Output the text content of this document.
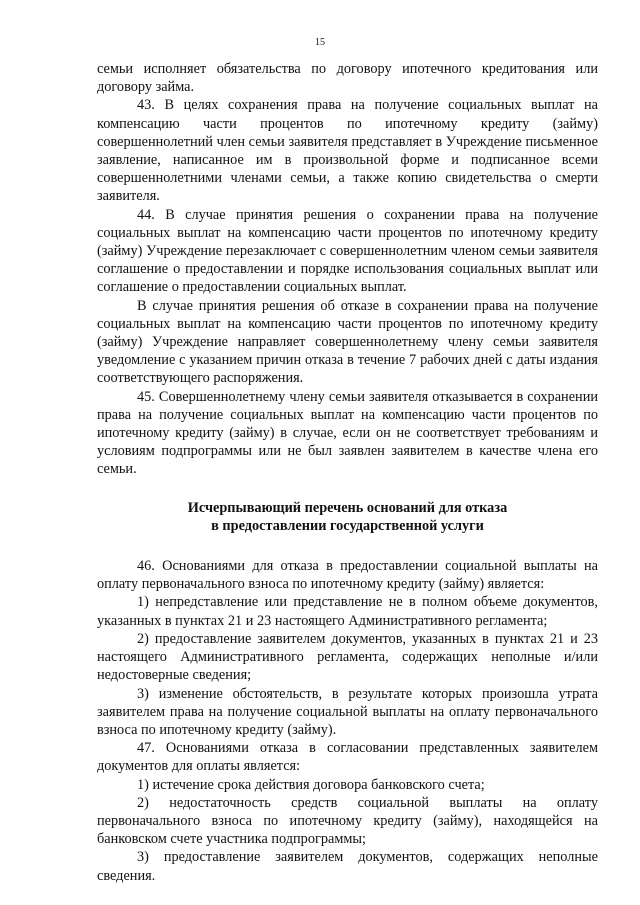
15

семьи исполняет обязательства по договору ипотечного кредитования или договору займа.

43. В целях сохранения права на получение социальных выплат на компенсацию части процентов по ипотечному кредиту (займу) совершеннолетний член семьи заявителя представляет в Учреждение письменное заявление, написанное им в произвольной форме и подписанное всеми совершеннолетними членами семьи, а также копию свидетельства о смерти заявителя.

44. В случае принятия решения о сохранении права на получение социальных выплат на компенсацию части процентов по ипотечному кредиту (займу) Учреждение перезаключает с совершеннолетним членом семьи заявителя соглашение о предоставлении и порядке использования социальных выплат или соглашение о предоставлении социальных выплат.

В случае принятия решения об отказе в сохранении права на получение социальных выплат на компенсацию части процентов по ипотечному кредиту (займу) Учреждение направляет совершеннолетнему члену семьи заявителя уведомление с указанием причин отказа в течение 7 рабочих дней с даты издания соответствующего распоряжения.

45. Совершеннолетнему члену семьи заявителя отказывается в сохранении права на получение социальных выплат на компенсацию части процентов по ипотечному кредиту (займу) в случае, если он не соответствует требованиям и условиям подпрограммы или не был заявлен заявителем в качестве члена его семьи.

Исчерпывающий перечень оснований для отказа

в предоставлении государственной услуги

46. Основаниями для отказа в предоставлении социальной выплаты на оплату первоначального взноса по ипотечному кредиту (займу) является:

1) непредставление или представление не в полном объеме документов, указанных в пунктах 21 и 23 настоящего Административного регламента;

2) предоставление заявителем документов, указанных в пунктах 21 и 23 настоящего Административного регламента, содержащих неполные и/или недостоверные сведения;

3) изменение обстоятельств, в результате которых произошла утрата заявителем права на получение социальной выплаты на оплату первоначального взноса по ипотечному кредиту (займу).

47. Основаниями отказа в согласовании представленных заявителем документов для оплаты является:

1) истечение срока действия договора банковского счета;

2) недостаточность средств социальной выплаты на оплату первоначального взноса по ипотечному кредиту (займу), находящейся на банковском счете участника подпрограммы;

3) предоставление заявителем документов, содержащих неполные сведения.
